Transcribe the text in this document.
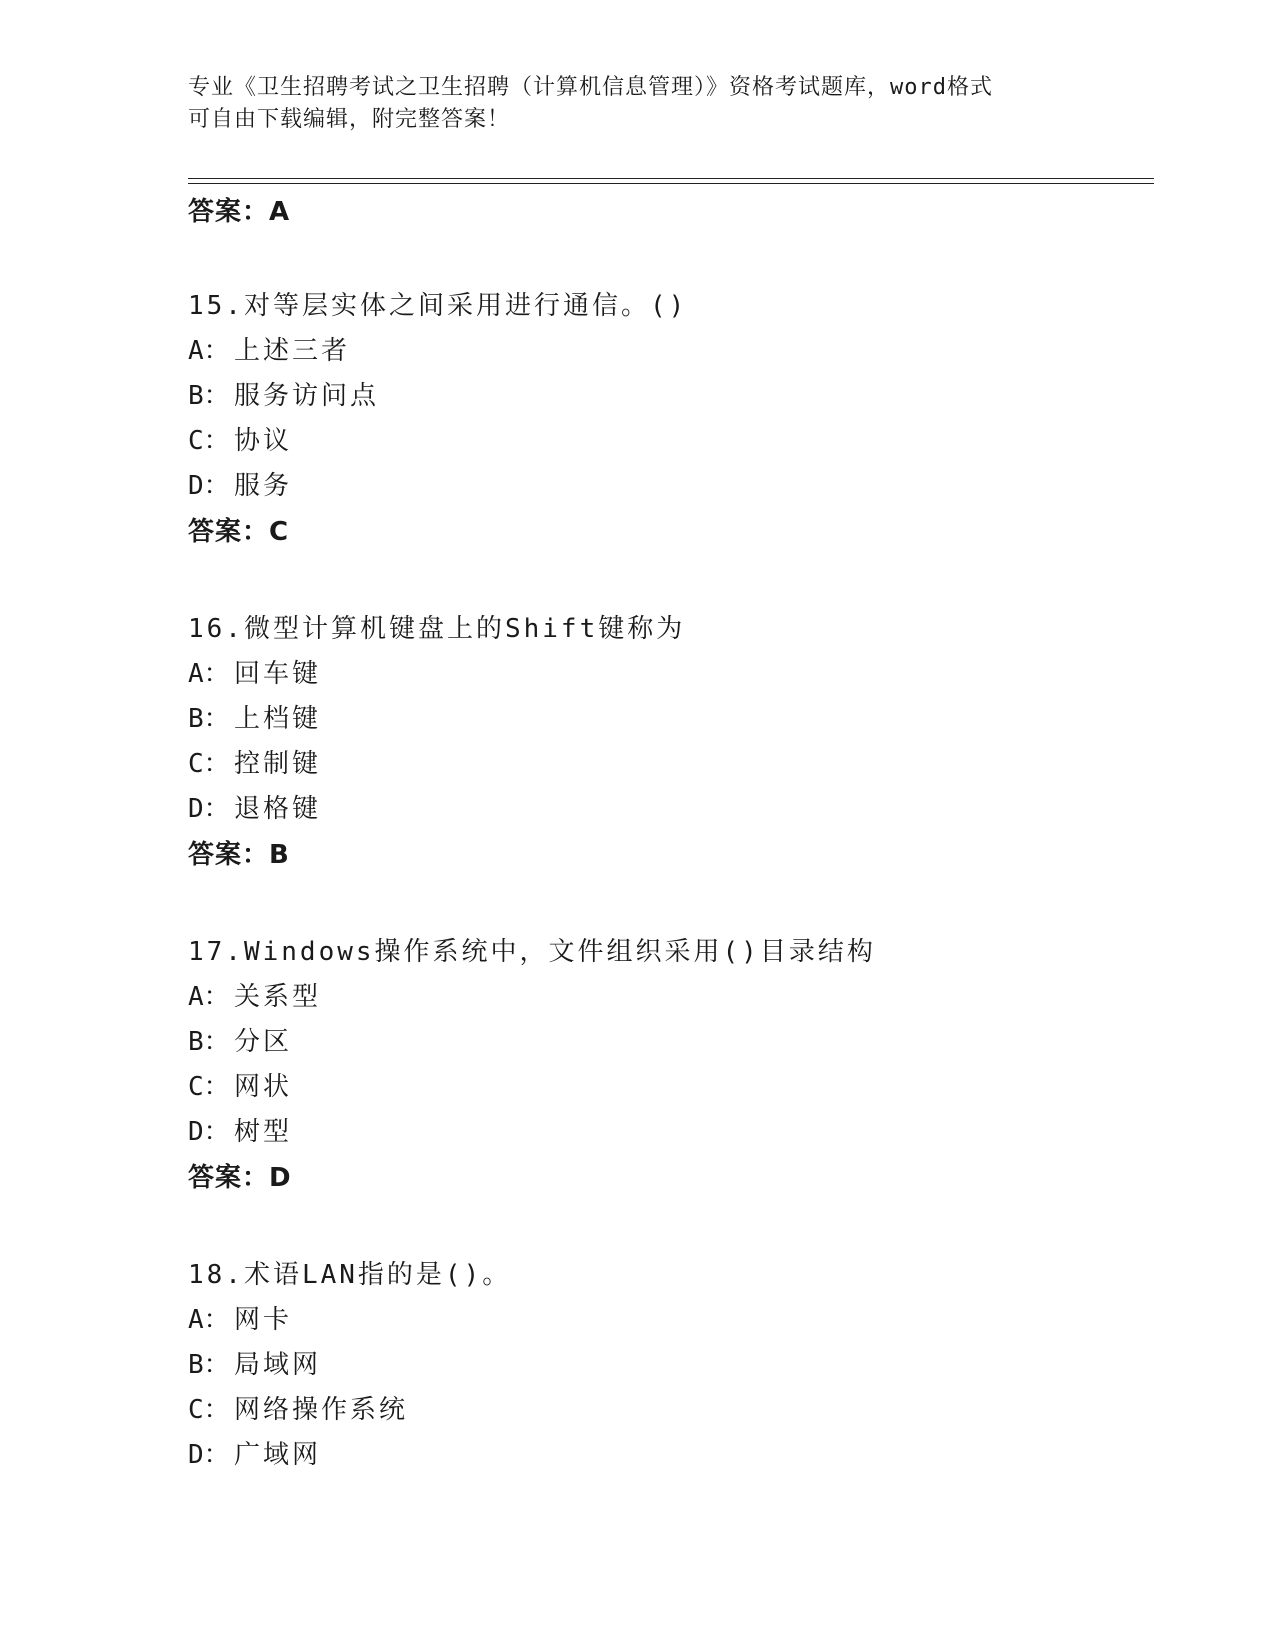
专业《卫生招聘考试之卫生招聘（计算机信息管理）》资格考试题库，word格式
可自由下载编辑，附完整答案！

答案：A

15.对等层实体之间采用进行通信。()

A： 上述三者

B： 服务访问点

C： 协议

D： 服务

答案：C

16.微型计算机键盘上的Shift键称为

A： 回车键

B： 上档键

C： 控制键

D： 退格键

答案：B

17.Windows操作系统中，文件组织采用()目录结构

A： 关系型

B： 分区

C： 网状

D： 树型

答案：D

18.术语LAN指的是()。

A： 网卡

B： 局域网

C： 网络操作系统

D： 广域网
